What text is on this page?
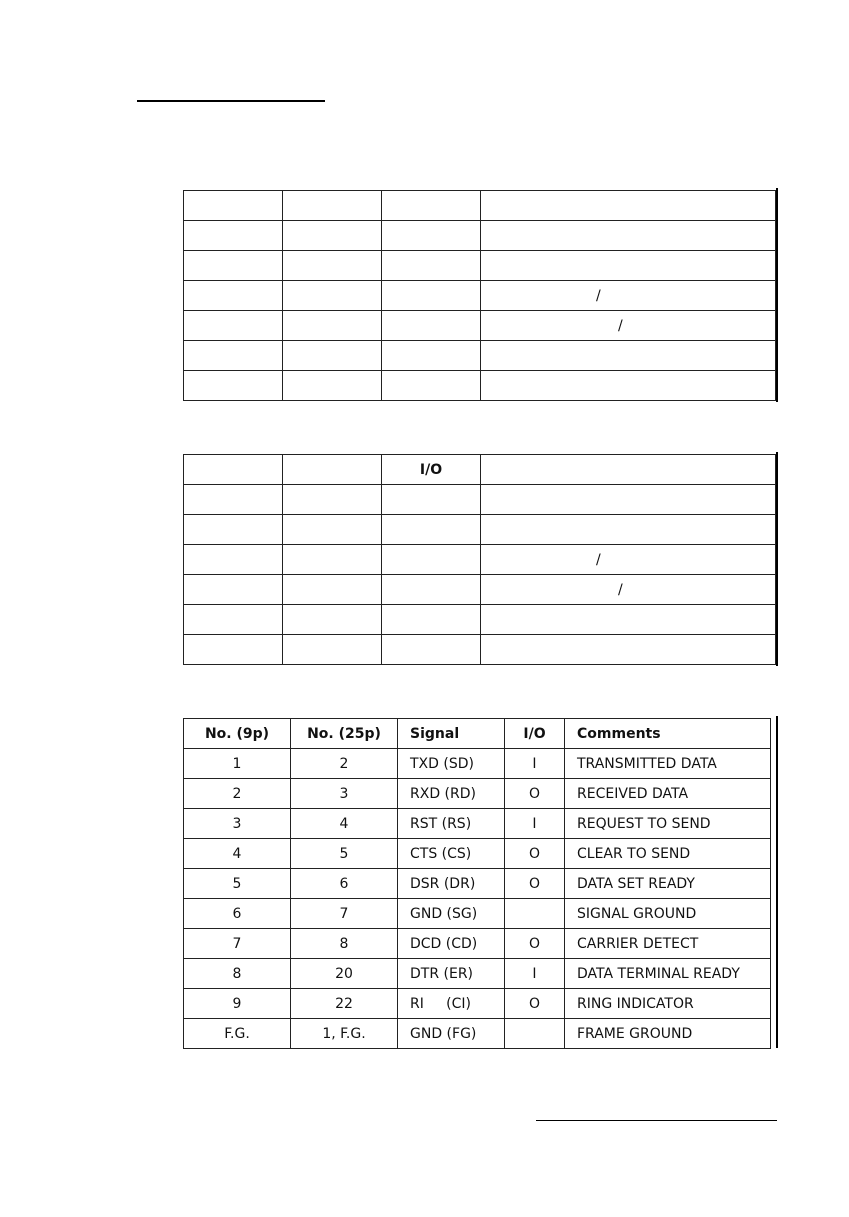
			/
			/

		I/O	

			/
			/

No. (9p)	No. (25p)	Signal	I/O	Comments
1	2	TXD (SD)	I	TRANSMITTED DATA
2	3	RXD (RD)	O	RECEIVED DATA
3	4	RST (RS)	I	REQUEST TO SEND
4	5	CTS (CS)	O	CLEAR TO SEND
5	6	DSR (DR)	O	DATA SET READY
6	7	GND (SG)		SIGNAL GROUND
7	8	DCD (CD)	O	CARRIER DETECT
8	20	DTR (ER)	I	DATA TERMINAL READY
9	22	RI     (CI)	O	RING INDICATOR
F.G.	1, F.G.	GND (FG)		FRAME GROUND
